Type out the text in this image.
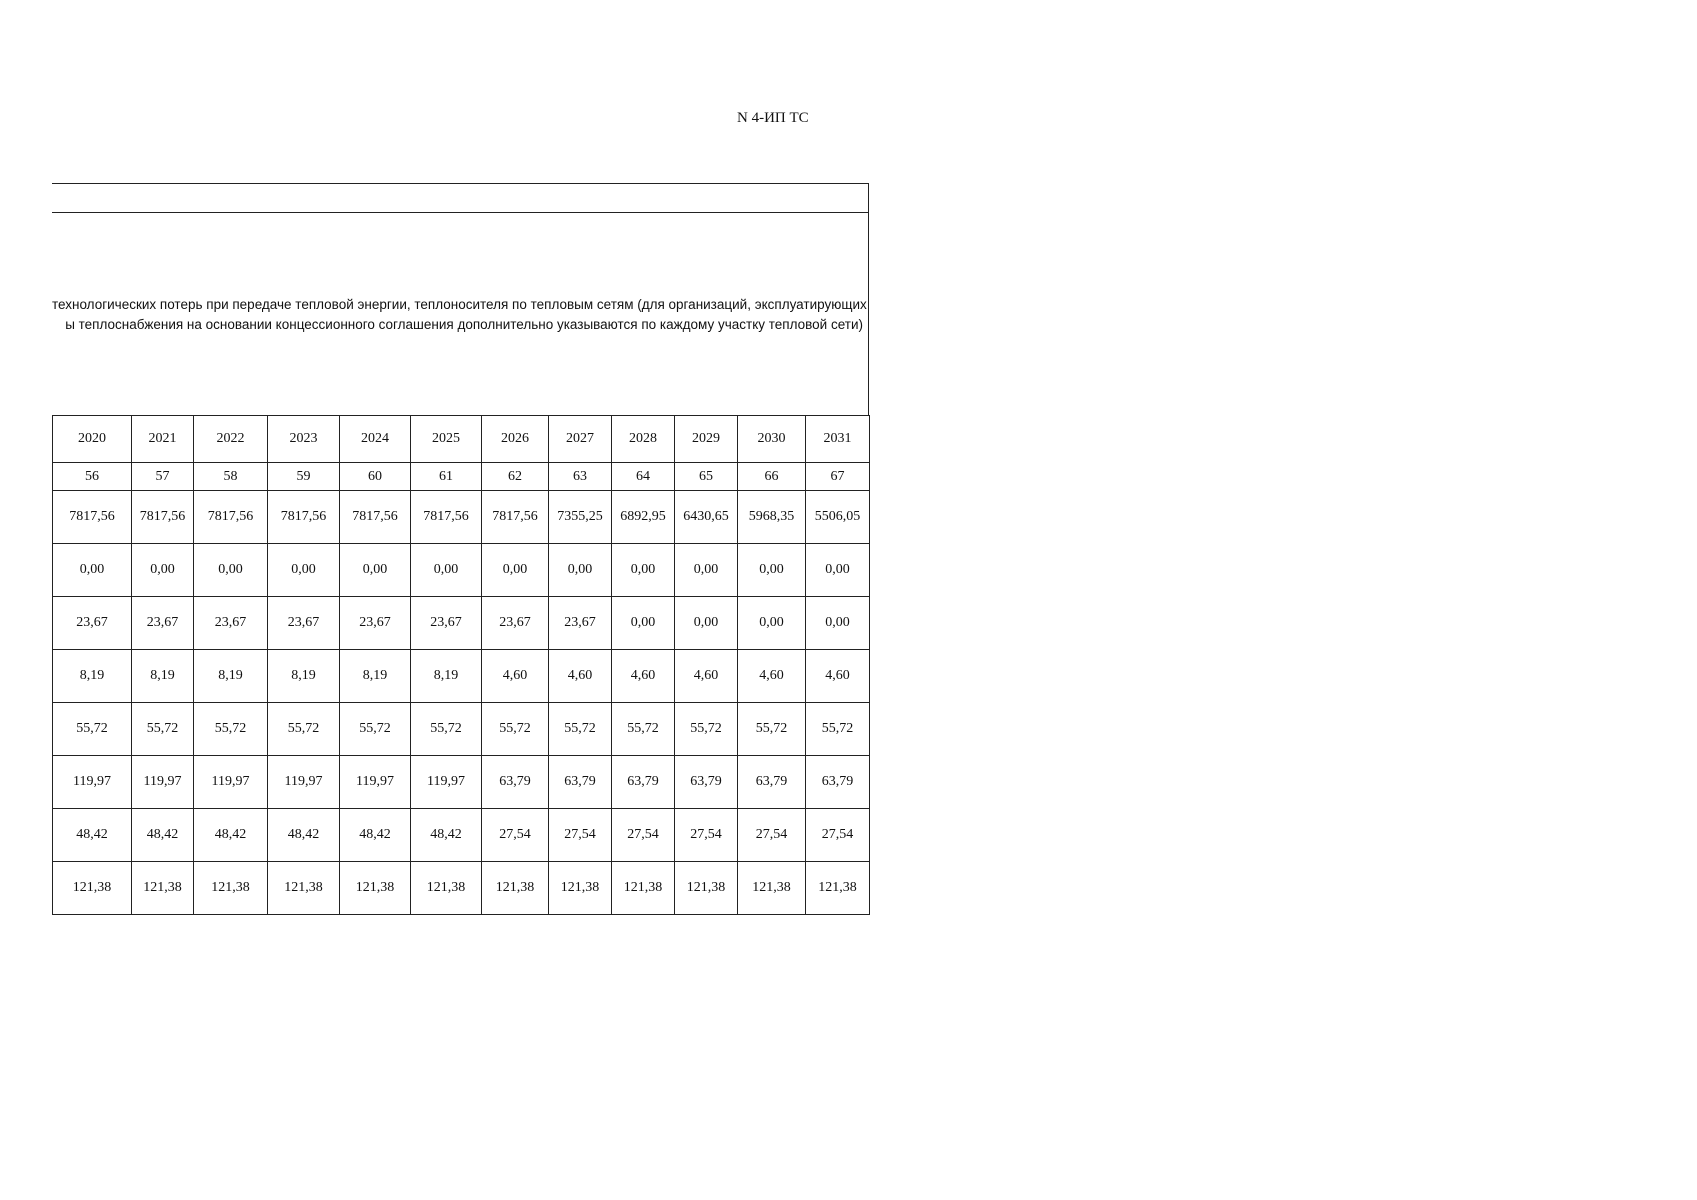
N 4-ИП ТС
технологических потерь при передаче тепловой энергии, теплоносителя по тепловым сетям (для организаций, эксплуатирующих
ы теплоснабжения на основании концессионного соглашения дополнительно указываются по каждому участку тепловой сети)
2020	2021	2022	2023	2024	2025	2026	2027	2028	2029	2030	2031
56	57	58	59	60	61	62	63	64	65	66	67
7817,56	7817,56	7817,56	7817,56	7817,56	7817,56	7817,56	7355,25	6892,95	6430,65	5968,35	5506,05
0,00	0,00	0,00	0,00	0,00	0,00	0,00	0,00	0,00	0,00	0,00	0,00
23,67	23,67	23,67	23,67	23,67	23,67	23,67	23,67	0,00	0,00	0,00	0,00
8,19	8,19	8,19	8,19	8,19	8,19	4,60	4,60	4,60	4,60	4,60	4,60
55,72	55,72	55,72	55,72	55,72	55,72	55,72	55,72	55,72	55,72	55,72	55,72
119,97	119,97	119,97	119,97	119,97	119,97	63,79	63,79	63,79	63,79	63,79	63,79
48,42	48,42	48,42	48,42	48,42	48,42	27,54	27,54	27,54	27,54	27,54	27,54
121,38	121,38	121,38	121,38	121,38	121,38	121,38	121,38	121,38	121,38	121,38	121,38
